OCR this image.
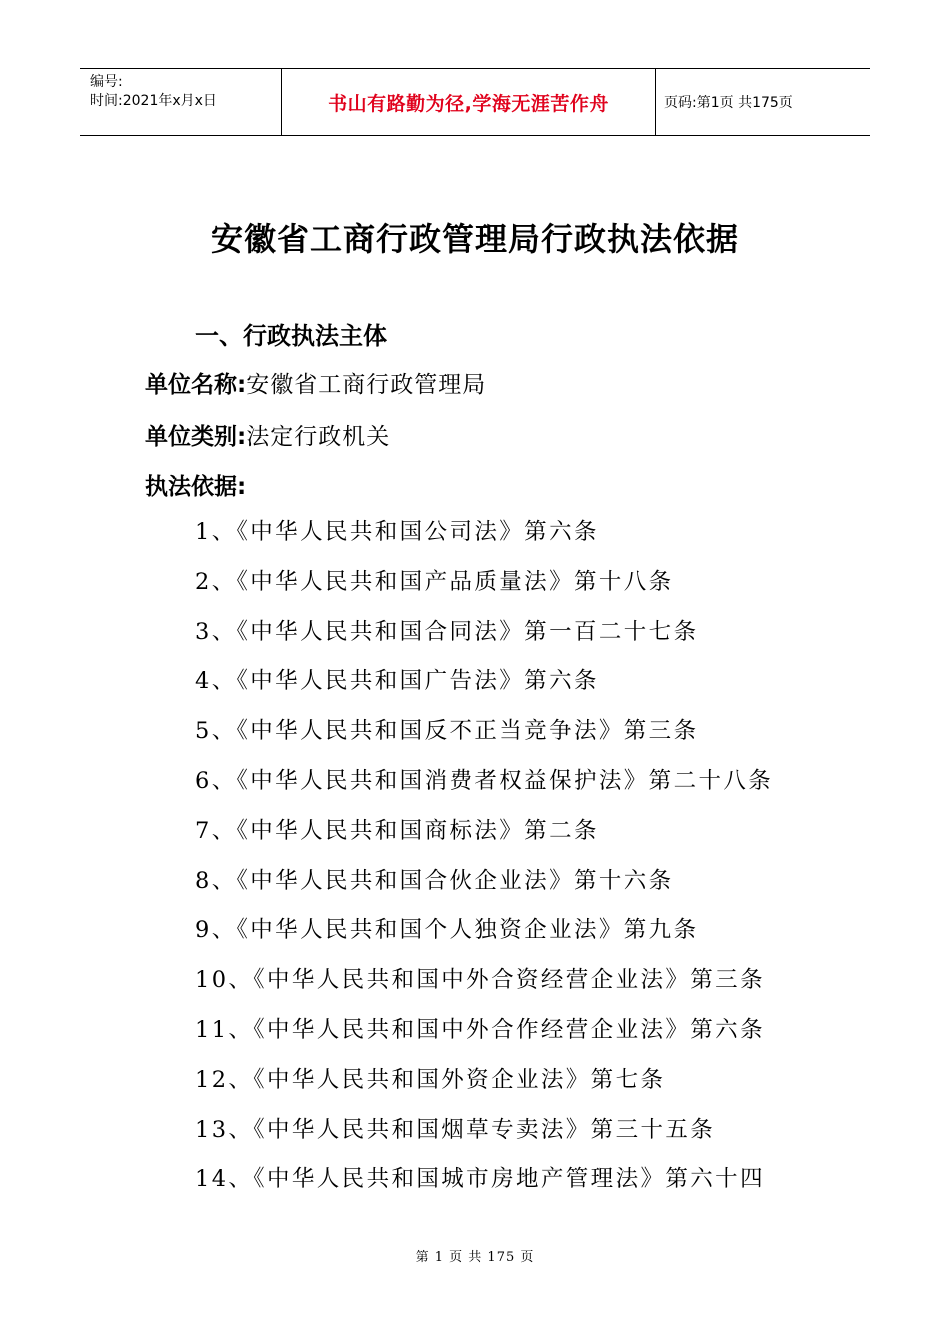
编号:
时间:2021年x月x日	书山有路勤为径,学海无涯苦作舟	页码:第1页 共175页
安徽省工商行政管理局行政执法依据
一、行政执法主体
单位名称:安徽省工商行政管理局
单位类别:法定行政机关
执法依据:
1、《中华人民共和国公司法》第六条
2、《中华人民共和国产品质量法》第十八条
3、《中华人民共和国合同法》第一百二十七条
4、《中华人民共和国广告法》第六条
5、《中华人民共和国反不正当竞争法》第三条
6、《中华人民共和国消费者权益保护法》第二十八条
7、《中华人民共和国商标法》第二条
8、《中华人民共和国合伙企业法》第十六条
9、《中华人民共和国个人独资企业法》第九条
10、《中华人民共和国中外合资经营企业法》第三条
11、《中华人民共和国中外合作经营企业法》第六条
12、《中华人民共和国外资企业法》第七条
13、《中华人民共和国烟草专卖法》第三十五条
14、《中华人民共和国城市房地产管理法》第六十四
第 1 页 共 175 页
